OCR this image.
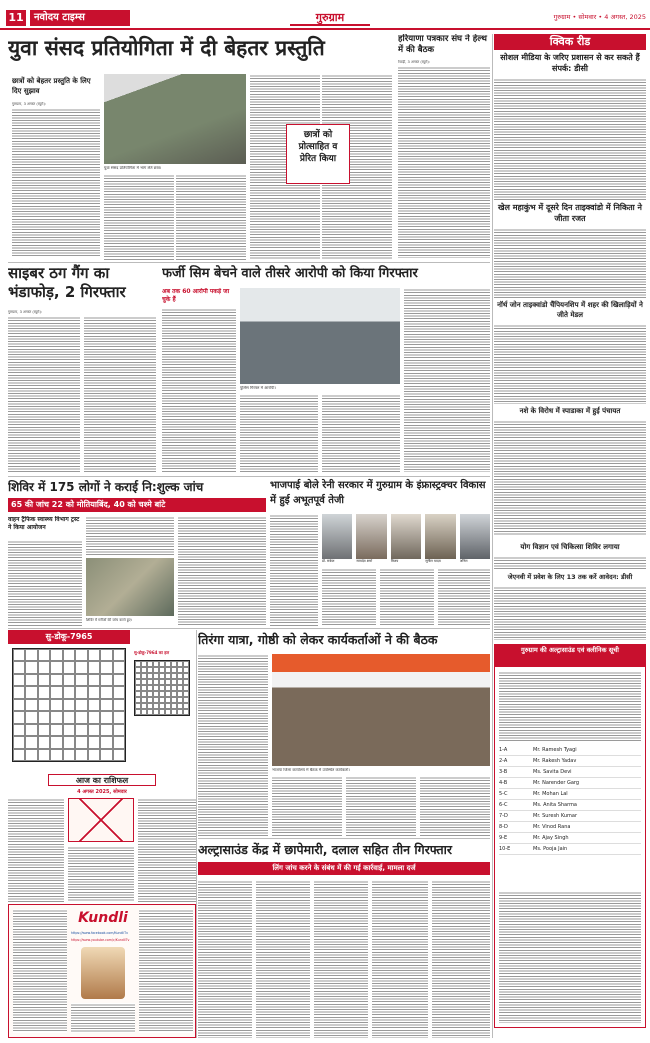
11	नवोदय टाइम्स	गुरुग्राम	गुरुग्राम • सोमवार • 4 अगस्त, 2025
युवा संसद प्रतियोगिता में दी बेहतर प्रस्तुति
छात्रों को बेहतर प्रस्तुति के लिए दिए सुझाव
गुरुग्राम, 3 अगस्त (ब्यूरो):
युवा संसद प्रतियोगिता में भाग लेते छात्र।
छात्रों को प्रोत्साहित व प्रेरित किया
हरियाणा पत्रकार संघ ने हेल्थ में की बैठक
रेवाड़ी, 3 अगस्त (ब्यूरो):
क्विक रीड
सोशल मीडिया के जरिए प्रशासन से कर सकते हैं संपर्क: डीसी
खेल महाकुंभ में दूसरे दिन ताइक्वांडो में निकिता ने जीता रजत
नॉर्थ जोन ताइक्वांडो चैंपियनशिप में शहर की खिलाड़ियों ने जीते मेडल
नशे के विरोध में स्पाडाका में हुई पंचायत
योग विज्ञान एवं चिकित्सा शिविर लगाया
साइबर ठग गैंग का भंडाफोड़, 2 गिरफ्तार
गुरुग्राम, 3 अगस्त (ब्यूरो):
फर्जी सिम बेचने वाले तीसरे आरोपी को किया गिरफ्तार
अब तक 60 आरोपी पकड़े जा चुके हैं
पुलिस गिरफ्त में आरोपी।
शिविर में 175 लोगों ने कराई नि:शुल्क जांच
65 की जांच 22 को मोतियाबिंद, 40 को चश्मे बांटे
वाहन ट्रैफिक स्वास्थ्य विभाग ट्रस्ट ने किया आयोजन
शिविर में मरीजों की जांच करते हुए।
भाजपाई बोले रेनी सरकार में गुरुग्राम के इंफ्रास्ट्रक्चर विकास में हुई अभूतपूर्व तेजी
डॉ. राकेश	सत्यदेव शर्मा	विजय	सुनील यादव	अनिल
जेएनवी में प्रवेश के लिए 13 तक करें आवेदन: डीसी
सु-डोकू-7965
सु-डोकू-7964 का हल
आज का राशिफल
4 अगस्त 2025, सोमवार
तिरंगा यात्रा, गोष्ठी को लेकर कार्यकर्ताओं ने की बैठक
भाजपा जिला कार्यालय में बैठक में उपस्थित कार्यकर्ता।
गुरुग्राम की अल्ट्रासाउंड एवं क्लीनिक सूची
1-A	Mr. Ramesh Tyagi
2-A	Mr. Rakesh Yadav
3-B	Ms. Savita Devi
4-B	Mr. Narender Garg
5-C	Mr. Mohan Lal
6-C	Ms. Anita Sharma
7-D	Mr. Suresh Kumar
8-D	Mr. Vinod Rana
9-E	Mr. Ajay Singh
10-E	Ms. Pooja Jain
Kundli
https://www.facebook.com/KundliTv
https://www.youtube.com/c/KundliTv
अल्ट्रासाउंड केंद्र में छापेमारी, दलाल सहित तीन गिरफ्तार
लिंग जांच करने के संबंध में की गई कार्रवाई, मामला दर्ज
